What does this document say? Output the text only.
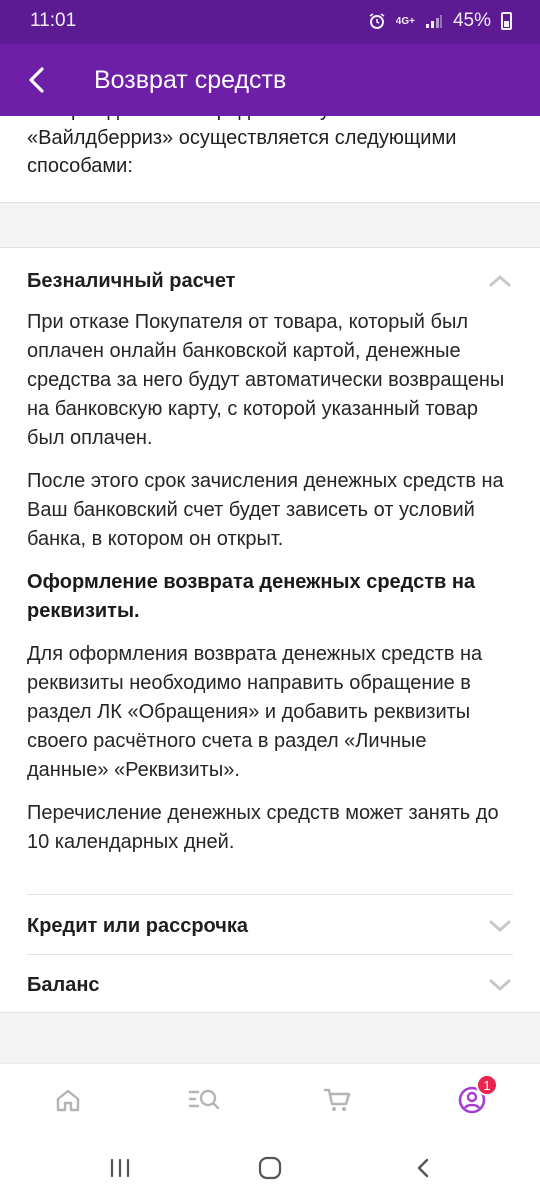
11:01	4G+ 45%
Возврат средств
«Вайлдберриз» осуществляется следующими способами:
Безналичный расчет

При отказе Покупателя от товара, который был оплачен онлайн банковской картой, денежные средства за него будут автоматически возвращены на банковскую карту, с которой указанный товар был оплачен.

После этого срок зачисления денежных средств на Ваш банковский счет будет зависеть от условий банка, в котором он открыт.

Оформление возврата денежных средств на реквизиты.

Для оформления возврата денежных средств на реквизиты необходимо направить обращение в раздел ЛК «Обращения» и добавить реквизиты своего расчётного счета в раздел «Личные данные» «Реквизиты».

Перечисление денежных средств может занять до 10 календарных дней.

Кредит или рассрочка
Баланс
1
